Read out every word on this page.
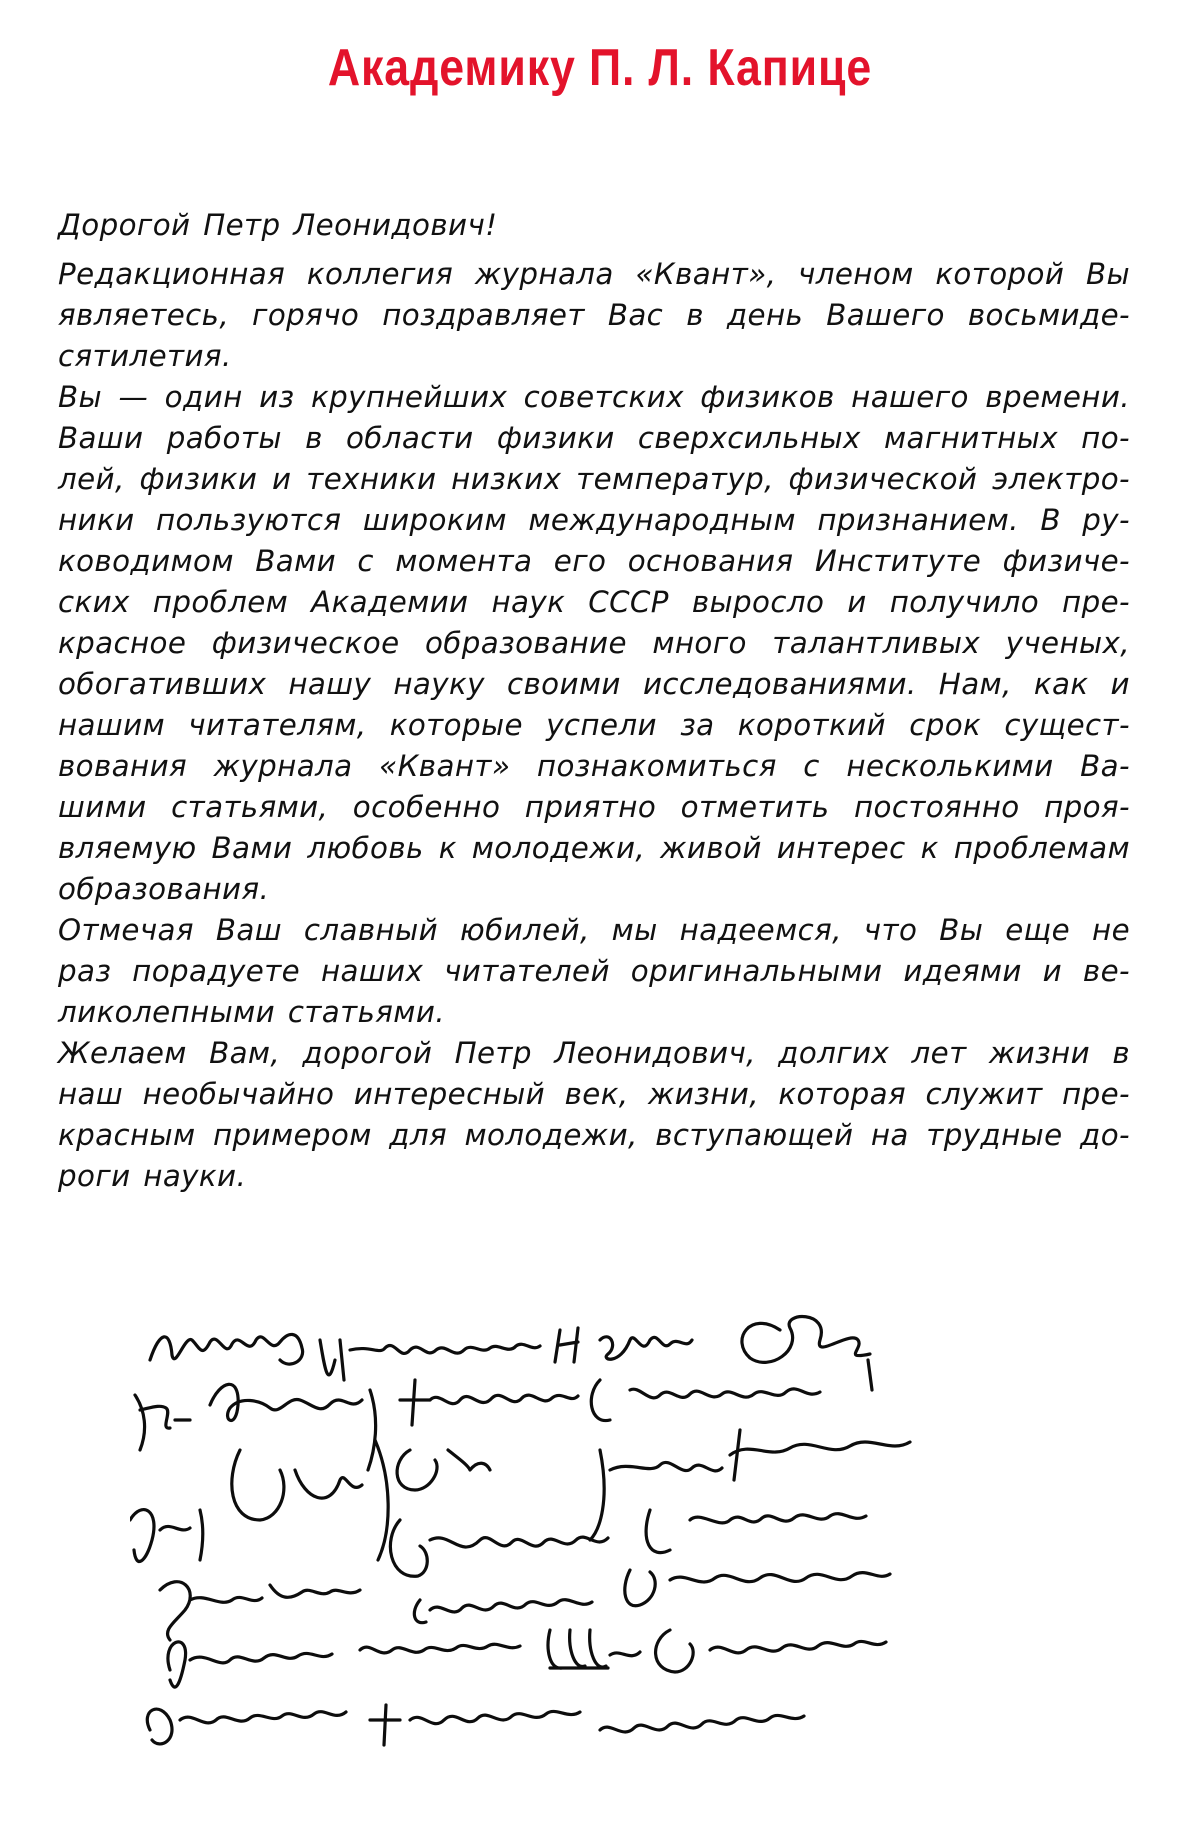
Академику П. Л. Капице
Дорогой Петр Леонидович!
Редакционная коллегия журнала «Квант», членом которой Вы
являетесь, горячо поздравляет Вас в день Вашего восьмиде-
сятилетия.
Вы — один из крупнейших советских физиков нашего времени.
Ваши работы в области физики сверхсильных магнитных по-
лей, физики и техники низких температур, физической электро-
ники пользуются широким международным признанием. В ру-
ководимом Вами с момента его основания Институте физиче-
ских проблем Академии наук СССР выросло и получило пре-
красное физическое образование много талантливых ученых,
обогативших нашу науку своими исследованиями. Нам, как и
нашим читателям, которые успели за короткий срок сущест-
вования журнала «Квант» познакомиться с несколькими Ва-
шими статьями, особенно приятно отметить постоянно проя-
вляемую Вами любовь к молодежи, живой интерес к проблемам
образования.
Отмечая Ваш славный юбилей, мы надеемся, что Вы еще не
раз порадуете наших читателей оригинальными идеями и ве-
ликолепными статьями.
Желаем Вам, дорогой Петр Леонидович, долгих лет жизни в
наш необычайно интересный век, жизни, которая служит пре-
красным примером для молодежи, вступающей на трудные до-
роги науки.
